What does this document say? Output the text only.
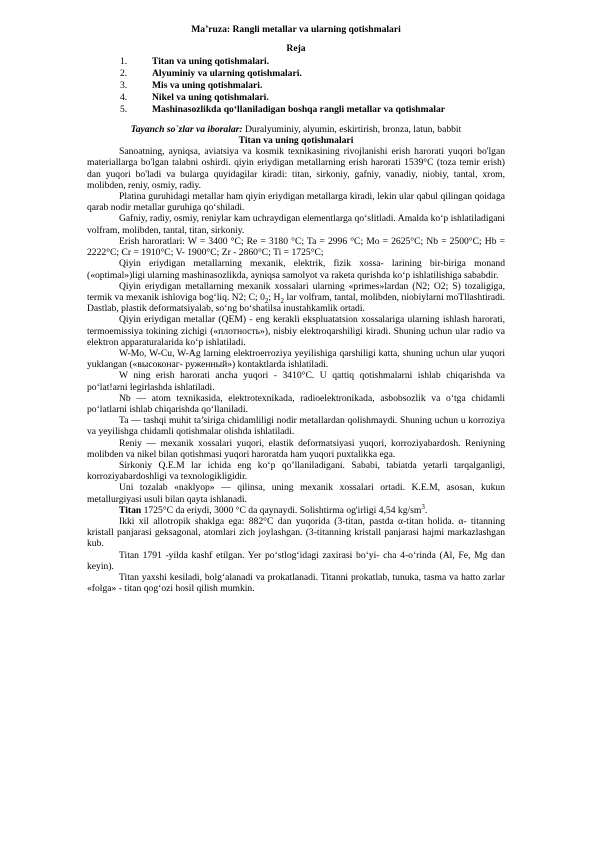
Ma’ruza: Rangli metallar va ularning qotishmalari

Reja

1.	Titan va uning qotishmalari.
2.	Alyuminiy va ularning qotishmalari.
3.	Mis va uning qotishmalari.
4.	Nikel va uning qotishmalari.
5.	Mashinasozlikda qo‘llaniladigan boshqa rangli metallar va qotishmalar

Tayanch so`zlar va iboralar: Duralyuminiy, alyumin, eskirtirish, bronza, latun, babbit

Titan va uning qotishmalari

Sanoatning, ayniqsa, aviatsiya va kosmik texnikasining rivojlanishi erish harorati yuqori bo'lgan materiallarga bo'lgan talabni oshirdi. qiyin eriydigan metallarning erish harorati 1539°C (toza temir erish) dan yuqori bo'ladi va bularga quyidagilar kiradi: titan, sirkoniy, gafniy, vanadiy, niobiy, tantal, xrom, molibden, reniy, osmiy, radiy.

Platina guruhidagi metallar ham qiyin eriydigan metallarga kiradi, lekin ular qabul qilingan qoidaga qarab nodir metallar guruhiga qo‘shiladi.

Gafniy, radiy, osmiy, reniylar kam uchraydigan elementlarga qo‘slitladi. Amalda ko‘p ishlatiladigani volfram, molibden, tantal, titan, sirkoniy.

Erish haroratlari: W = 3400 °C; Re = 3180 °C; Ta = 2996 °C; Mo = 2625°C; Nb = 2500°C; Hb = 2222°C; Cr = 1910°C; V- 1900°C; Zr - 2860°C; Ti = 1725°C;

Qiyin eriydigan metallarning mexanik, elektrik, fizik xossa- larining bir-biriga monand («optimal»)ligi ularning mashinasozlikda, ayniqsa samolyot va raketa qurishda ko‘p ishlatilishiga sababdir.

Qiyin eriydigan metallarning mexanik xossalari ularning «primes»lardan (N2; O2; S) tozaligiga, termik va mexanik ishloviga bog‘liq. N2; C; $0_2$; $H_2$ lar volfram, tantal, molibden, niobiylarni moTllashtiradi. Dastlab, plastik deformatsiyalab, so‘ng bo‘shatilsa inustahkamlik ortadi.

Qiyin eriydigan metallar (QEM) - eng kerakli ekspluatatsion xossalariga ularning ishlash harorati, termoemissiya tokining zichigi («плотность»), nisbiy elektroqarshiligi kiradi. Shuning uchun ular radio va elektron apparaturalarida ko‘p ishlatiladi.

W-Mo, W-Cu, W-Ag larning elektroerroziya yeyilishiga qarshiligi katta, shuning uchun ular yuqori yuklangan («высоконаг- руженный») kontaktlarda ishlatiladi.

W ning erish harorati ancha yuqori - 3410°C. U qattiq qotishmalarni ishlab chiqarishda va po‘lat!arni legirlashda ishlatiladi.

Nb — atom texnikasida, elektrotexnikada, radioelektronikada, asbobsozlik va o‘tga chidamli po‘latlarni ishlab chiqarishda qo‘llaniladi.

Ta — tashqi muhit ta’siriga chidamliligi nodir metallardan qolishmaydi. Shuning uchun u korroziya va yeyilishga chidamli qotishmalar olishda ishlatiladi.

Reniy — mexanik xossalari yuqori, elastik deformatsiyasi yuqori, korroziyabardosh. Reniyning molibden va nikel bilan qotishmasi yuqori haroratda ham yuqori puxtalikka ega.

Sirkoniy Q.E.M lar ichida eng ko‘p qo’llaniladigani. Sababi, tabiatda yetarli tarqalganligi, korroziyabardoshligi va texnologikligidir.

Uni tozalab «naklyop» — qilinsa, uning mexanik xossalari ortadi. K.E.M, asosan, kukun metallurgiyasi usuli bilan qayta ishlanadi.

Titan 1725°C da eriydi, 3000 °C da qaynaydi. Solishtirma og'irligi 4,54 $kg/sm^3$.

Ikki xil allotropik shaklga ega: 882°C dan yuqorida (3-titan, pastda α-titan holida. α- titanning kristall panjarasi geksagonal, atomlari zich joylashgan. (3-titanning kristall panjarasi hajmi markazlashgan kub.

Titan 1791 -yilda kashf etilgan. Yer po‘stlog‘idagi zaxirasi bo‘yi- cha 4-o‘rinda (Al, Fe, Mg dan keyin).

Titan yaxshi kesiladi, bolg‘alanadi va prokatlanadi. Titanni prokatlab, tunuka, tasma va hatto zarlar «folga» - titan qog‘ozi hosil qilish mumkin.
